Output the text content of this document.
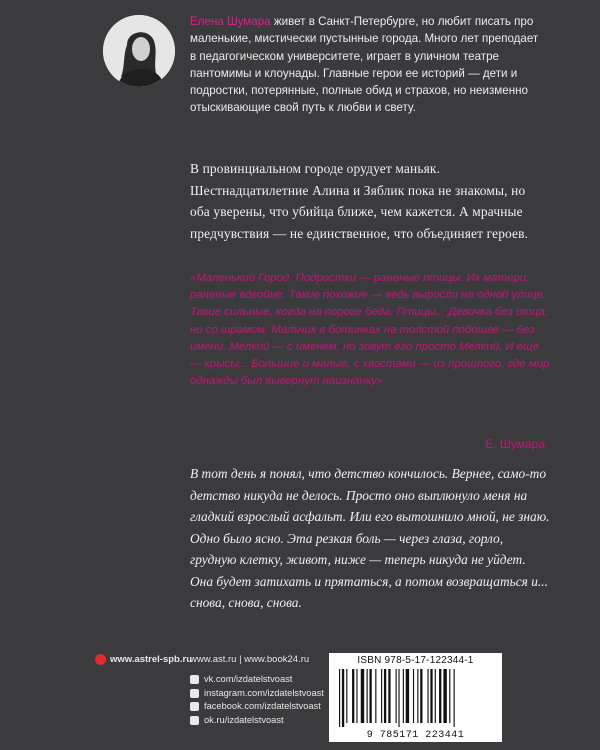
Елена Шумара живет в Санкт-Петербурге, но любит писать про маленькие, мистически пустынные города. Много лет преподает в педагогическом университете, играет в уличном театре пантомимы и клоунады. Главные герои ее историй — дети и подростки, потерянные, полные обид и страхов, но неизменно отыскивающие свой путь к любви и свету.

В провинциальном городе орудует маньяк. Шестнадцатилетние Алина и Зяблик пока не знакомы, но оба уверены, что убийца ближе, чем кажется. А мрачные предчувствия — не единственное, что объединяет героев.

«Маленький Город. Подростки — раненые птицы. Их матери, раненые вдвойне. Такие похожие — ведь выросли на одной улице. Такие сильные, когда на пороге беда. Птицы... Девочка без отца, но со шрамом. Мальчик в ботинках на толстой подошве — без имени. Мелкий — с именем, но зовут его просто Мелкий. И ещё — крысы... Большие и малые, с хвостами — из прошлого, где мир однажды был вывернут наизнанку».

Е. Шумара

В тот день я понял, что детство кончилось. Вернее, само-то детство никуда не делось. Просто оно выплюнуло меня на гладкий взрослый асфальт. Или его вытошнило мной, не знаю. Одно было ясно. Эта резкая боль — через глаза, горло, грудную клетку, живот, ниже — теперь никуда не уйдет. Она будет затихать и прятаться, а потом возвращаться и... снова, снова, снова.

www.astrel-spb.ru
www.ast.ru | www.book24.ru
vk.com/izdatelstvoast
instagram.com/izdatelstvoast
facebook.com/izdatelstvoast
ok.ru/izdatelstvoast
ISBN 978-5-17-122344-1
9 785171 223441
